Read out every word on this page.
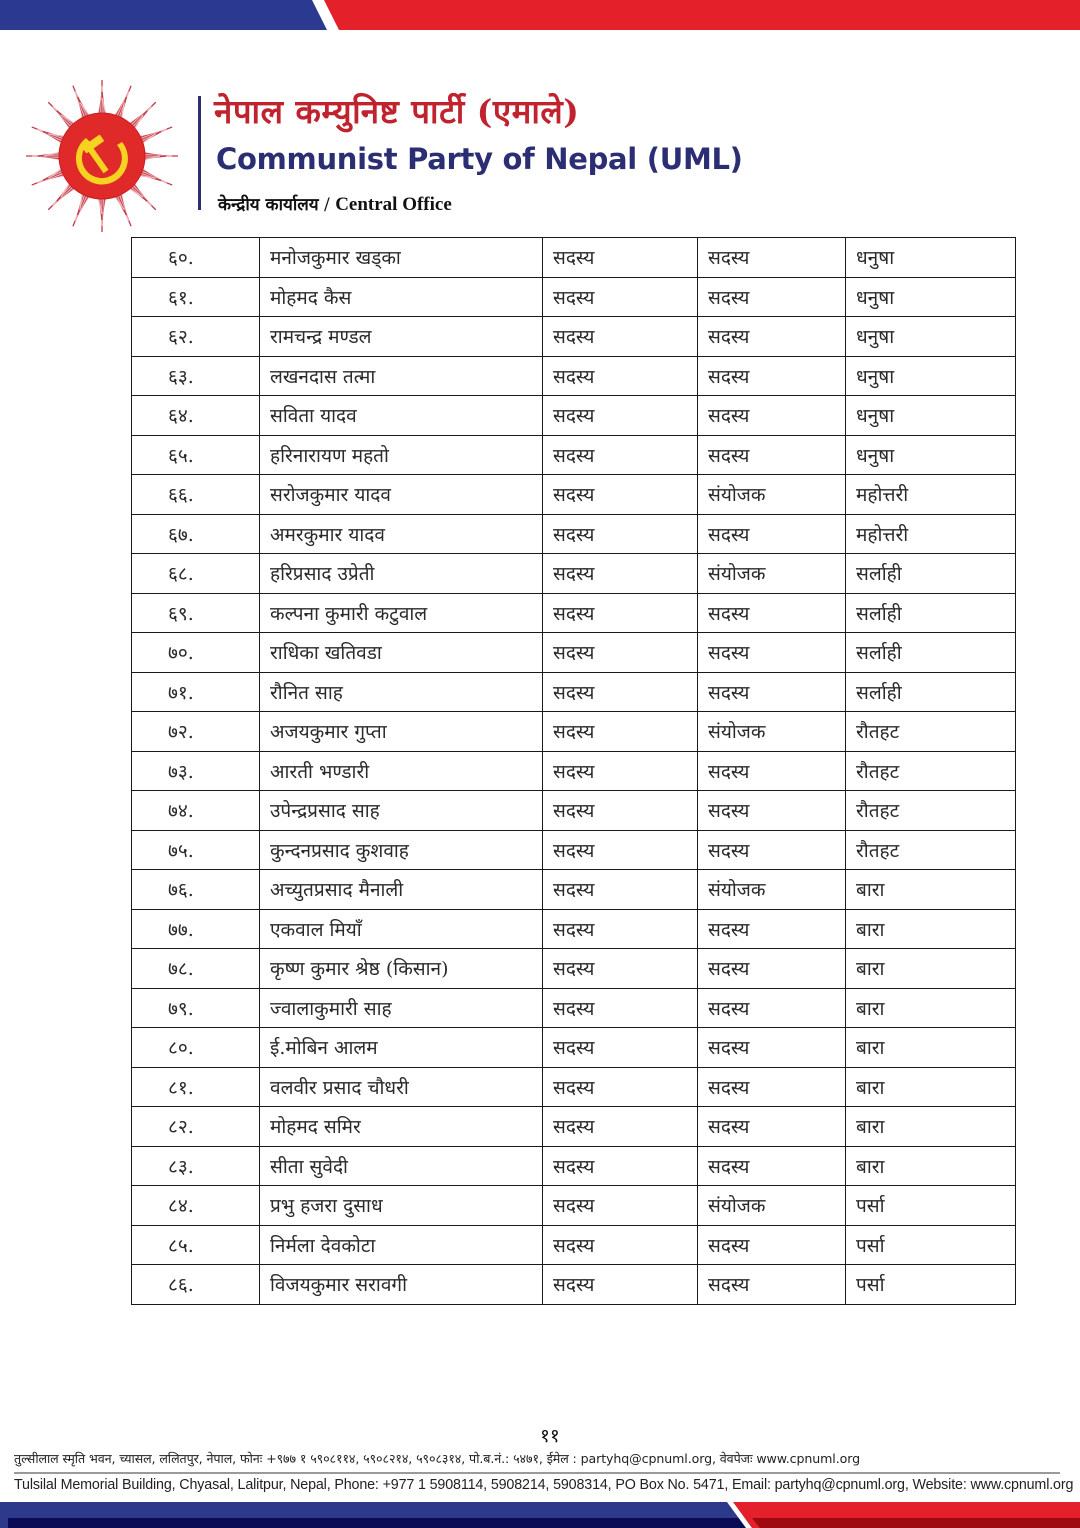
नेपाल कम्युनिष्ट पार्टी (एमाले)
Communist Party of Nepal (UML)
केन्द्रीय कार्यालय / Central Office
६०.	मनोजकुमार खड्का	सदस्य	सदस्य	धनुषा
६१.	मोहमद कैस	सदस्य	सदस्य	धनुषा
६२.	रामचन्द्र मण्डल	सदस्य	सदस्य	धनुषा
६३.	लखनदास तत्मा	सदस्य	सदस्य	धनुषा
६४.	सविता यादव	सदस्य	सदस्य	धनुषा
६५.	हरिनारायण महतो	सदस्य	सदस्य	धनुषा
६६.	सरोजकुमार यादव	सदस्य	संयोजक	महोत्तरी
६७.	अमरकुमार यादव	सदस्य	सदस्य	महोत्तरी
६८.	हरिप्रसाद उप्रेती	सदस्य	संयोजक	सर्लाही
६९.	कल्पना कुमारी कटुवाल	सदस्य	सदस्य	सर्लाही
७०.	राधिका खतिवडा	सदस्य	सदस्य	सर्लाही
७१.	रौनित साह	सदस्य	सदस्य	सर्लाही
७२.	अजयकुमार गुप्ता	सदस्य	संयोजक	रौतहट
७३.	आरती भण्डारी	सदस्य	सदस्य	रौतहट
७४.	उपेन्द्रप्रसाद साह	सदस्य	सदस्य	रौतहट
७५.	कुन्दनप्रसाद कुशवाह	सदस्य	सदस्य	रौतहट
७६.	अच्युतप्रसाद मैनाली	सदस्य	संयोजक	बारा
७७.	एकवाल मियाँ	सदस्य	सदस्य	बारा
७८.	कृष्ण कुमार श्रेष्ठ (किसान)	सदस्य	सदस्य	बारा
७९.	ज्वालाकुमारी साह	सदस्य	सदस्य	बारा
८०.	ई.मोबिन आलम	सदस्य	सदस्य	बारा
८१.	वलवीर प्रसाद चौधरी	सदस्य	सदस्य	बारा
८२.	मोहमद समिर	सदस्य	सदस्य	बारा
८३.	सीता सुवेदी	सदस्य	सदस्य	बारा
८४.	प्रभु हजरा दुसाध	सदस्य	संयोजक	पर्सा
८५.	निर्मला देवकोटा	सदस्य	सदस्य	पर्सा
८६.	विजयकुमार सरावगी	सदस्य	सदस्य	पर्सा
११
तुल्सीलाल स्मृति भवन, च्यासल, ललितपुर, नेपाल, फोनः +९७७ १ ५९०८११४, ५९०८२१४, ५९०८३१४, पो.ब.नं.: ५४७१, ईमेल : partyhq@cpnuml.org, वेवपेजः www.cpnuml.org
Tulsilal Memorial Building, Chyasal, Lalitpur, Nepal, Phone: +977 1 5908114, 5908214, 5908314, PO Box No. 5471, Email: partyhq@cpnuml.org, Website: www.cpnuml.org
